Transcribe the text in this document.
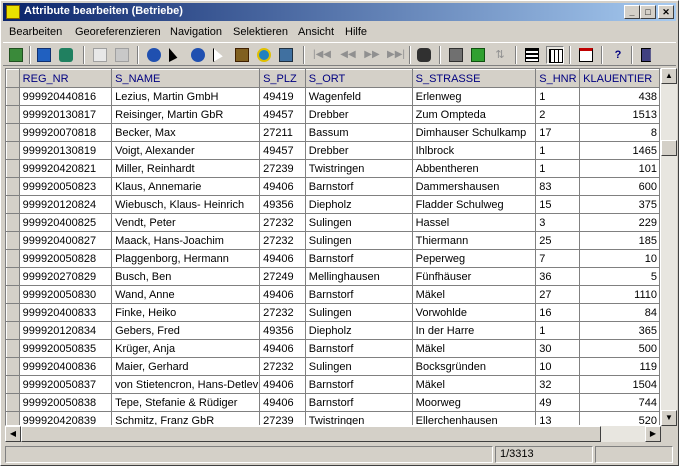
Attribute bearbeiten (Betriebe)	_	□	✕
Bearbeiten Georeferenzieren Navigation Selektieren Ansicht Hilfe
|◀◀ ◀◀ ▶▶ ▶▶|	⇅	?
	REG_NR	S_NAME	S_PLZ	S_ORT	S_STRASSE	S_HNR	KLAUENTIER
	999920440816	Lezius, Martin GmbH	49419	Wagenfeld	Erlenweg	1	438
	999920130817	Reisinger, Martin GbR	49457	Drebber	Zum Ompteda	2	1513
	999920070818	Becker, Max	27211	Bassum	Dimhauser Schulkamp	17	8
	999920130819	Voigt, Alexander	49457	Drebber	Ihlbrock	1	1465
	999920420821	Miller, Reinhardt	27239	Twistringen	Abbentheren	1	101
	999920050823	Klaus, Annemarie	49406	Barnstorf	Dammershausen	83	600
	999920120824	Wiebusch, Klaus- Heinrich	49356	Diepholz	Fladder Schulweg	15	375
	999920400825	Vendt, Peter	27232	Sulingen	Hassel	3	229
	999920400827	Maack, Hans-Joachim	27232	Sulingen	Thiermann	25	185
	999920050828	Plaggenborg, Hermann	49406	Barnstorf	Peperweg	7	10
	999920270829	Busch, Ben	27249	Mellinghausen	Fünfhäuser	36	5
	999920050830	Wand, Anne	49406	Barnstorf	Mäkel	27	1110
	999920400833	Finke, Heiko	27232	Sulingen	Vorwohlde	16	84
	999920120834	Gebers, Fred	49356	Diepholz	In der Harre	1	365
	999920050835	Krüger, Anja	49406	Barnstorf	Mäkel	30	500
	999920400836	Maier, Gerhard	27232	Sulingen	Bocksgründen	10	119
	999920050837	von Stietencron, Hans-Detlev	49406	Barnstorf	Mäkel	32	1504
	999920050838	Tepe, Stefanie & Rüdiger	49406	Barnstorf	Moorweg	49	744
	999920420839	Schmitz, Franz GbR	27239	Twistringen	Ellerchenhausen	13	520

▲
▼
◀	▶
1/3313
